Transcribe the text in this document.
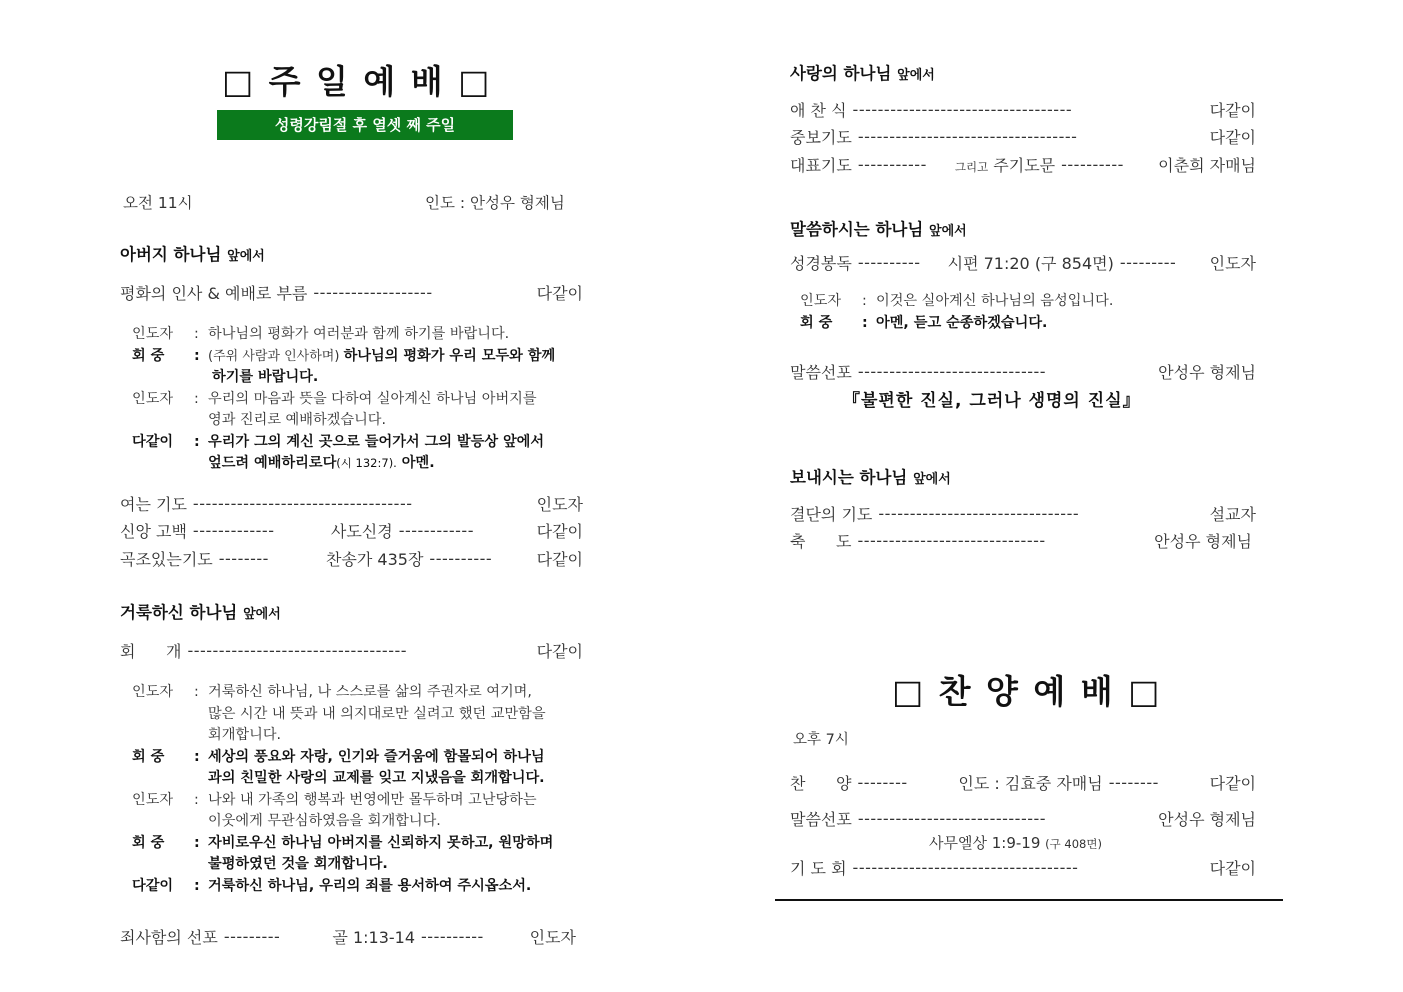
□ 주 일 예 배 □
성령강림절 후 열셋 째 주일
오전 11시	인도 : 안성우 형제님
아버지 하나님 앞에서
평화의 인사 & 예배로 부름 -------------------	다같이
인도자	: 하나님의 평화가 여러분과 함께 하기를 바랍니다.
회 중	: (주위 사람과 인사하며) 하나님의 평화가 우리 모두와 함께
하기를 바랍니다.
인도자	: 우리의 마음과 뜻을 다하여 실아계신 하나님 아버지를
영과 진리로 예배하겠습니다.
다같이	: 우리가 그의 계신 곳으로 들어가서 그의 발등상 앞에서
엎드려 예배하리로다(시 132:7). 아멘.
여는 기도 -----------------------------------	인도자
신앙 고백 -------------	사도신경 ------------	다같이
곡조있는기도 --------	찬송가 435장 ----------	다같이
거룩하신 하나님 앞에서
회      개 -----------------------------------	다같이
인도자	: 거룩하신 하나님, 나 스스로를 삶의 주권자로 여기며,
많은 시간 내 뜻과 내 의지대로만 실려고 했던 교만함을
회개합니다.
회 중	: 세상의 풍요와 자랑, 인기와 즐거움에 함몰되어 하나님
과의 친밀한 사랑의 교제를 잊고 지냈음을 회개합니다.
인도자	: 나와 내 가족의 행복과 번영에만 몰두하며 고난당하는
이웃에게 무관심하였음을 회개합니다.
회 중	: 자비로우신 하나님 아버지를 신뢰하지 못하고, 원망하며
불평하였던 것을 회개합니다.
다같이	: 거룩하신 하나님, 우리의 죄를 용서하여 주시옵소서.
죄사함의 선포 ---------	골 1:13-14 ----------	인도자
사랑의 하나님 앞에서
애 찬 식 -----------------------------------	다같이
중보기도 -----------------------------------	다같이
대표기도 -----------	그리고 주기도문 ----------	이춘희 자매님
말씀하시는 하나님 앞에서
성경봉독 ----------	시편 71:20 (구 854면) ---------	인도자
인도자	: 이것은 실아계신 하나님의 음성입니다.
회 중	: 아멘, 듣고 순종하겠습니다.
말씀선포 ------------------------------	안성우 형제님
『불편한 진실, 그러나 생명의 진실』
보내시는 하나님 앞에서
결단의 기도 --------------------------------	설교자
축      도 ------------------------------	안성우 형제님
□ 찬 양 예 배 □
오후 7시
찬      양 --------	인도 : 김효중 자매님 --------	다같이
말씀선포 ------------------------------	안성우 형제님
사무엘상 1:9-19 (구 408면)
기 도 회 ------------------------------------	다같이
